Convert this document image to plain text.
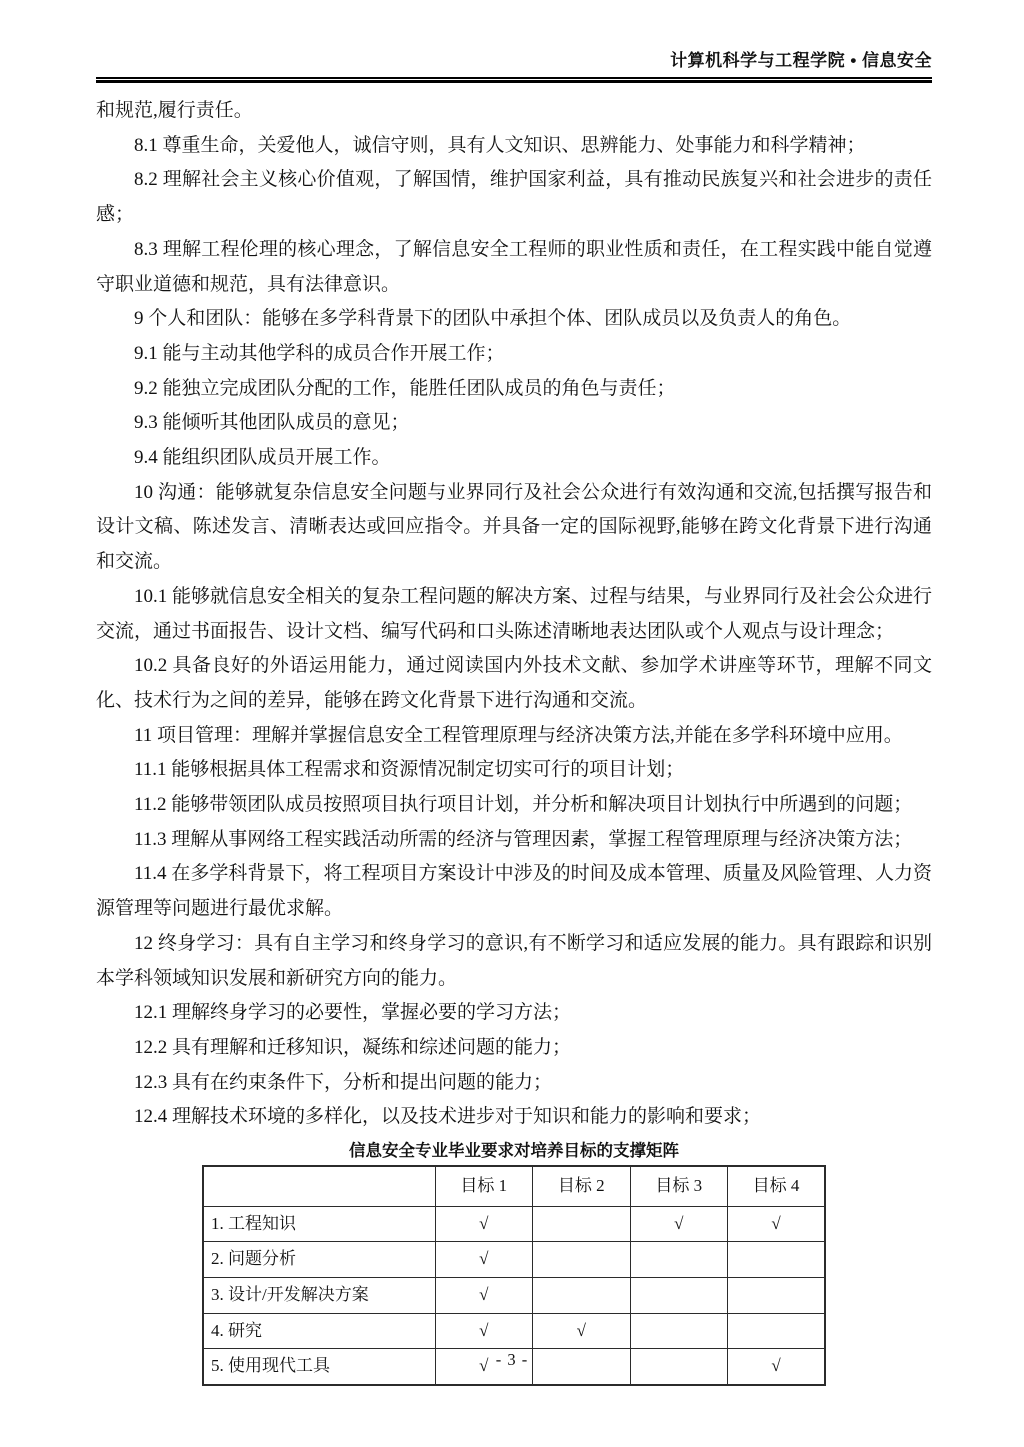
计算机科学与工程学院 • 信息安全

和规范,履行责任。

8.1 尊重生命，关爱他人，诚信守则，具有人文知识、思辨能力、处事能力和科学精神；

8.2 理解社会主义核心价值观，了解国情，维护国家利益，具有推动民族复兴和社会进步的责任感；

8.3 理解工程伦理的核心理念，了解信息安全工程师的职业性质和责任，在工程实践中能自觉遵守职业道德和规范，具有法律意识。

9 个人和团队：能够在多学科背景下的团队中承担个体、团队成员以及负责人的角色。

9.1 能与主动其他学科的成员合作开展工作；

9.2 能独立完成团队分配的工作，能胜任团队成员的角色与责任；

9.3 能倾听其他团队成员的意见；

9.4 能组织团队成员开展工作。

10 沟通：能够就复杂信息安全问题与业界同行及社会公众进行有效沟通和交流,包括撰写报告和设计文稿、陈述发言、清晰表达或回应指令。并具备一定的国际视野,能够在跨文化背景下进行沟通和交流。

10.1 能够就信息安全相关的复杂工程问题的解决方案、过程与结果，与业界同行及社会公众进行交流，通过书面报告、设计文档、编写代码和口头陈述清晰地表达团队或个人观点与设计理念；

10.2 具备良好的外语运用能力，通过阅读国内外技术文献、参加学术讲座等环节，理解不同文化、技术行为之间的差异，能够在跨文化背景下进行沟通和交流。

11 项目管理：理解并掌握信息安全工程管理原理与经济决策方法,并能在多学科环境中应用。

11.1 能够根据具体工程需求和资源情况制定切实可行的项目计划；

11.2 能够带领团队成员按照项目执行项目计划，并分析和解决项目计划执行中所遇到的问题；

11.3 理解从事网络工程实践活动所需的经济与管理因素，掌握工程管理原理与经济决策方法；

11.4 在多学科背景下，将工程项目方案设计中涉及的时间及成本管理、质量及风险管理、人力资源管理等问题进行最优求解。

12 终身学习：具有自主学习和终身学习的意识,有不断学习和适应发展的能力。具有跟踪和识别本学科领域知识发展和新研究方向的能力。

12.1 理解终身学习的必要性，掌握必要的学习方法；

12.2 具有理解和迁移知识，凝练和综述问题的能力；

12.3 具有在约束条件下，分析和提出问题的能力；

12.4 理解技术环境的多样化，以及技术进步对于知识和能力的影响和要求；

信息安全专业毕业要求对培养目标的支撑矩阵
	目标 1	目标 2	目标 3	目标 4
1. 工程知识	√		√	√
2. 问题分析	√			
3. 设计/开发解决方案	√			
4. 研究	√	√		
5. 使用现代工具	√			√
- 3 -
